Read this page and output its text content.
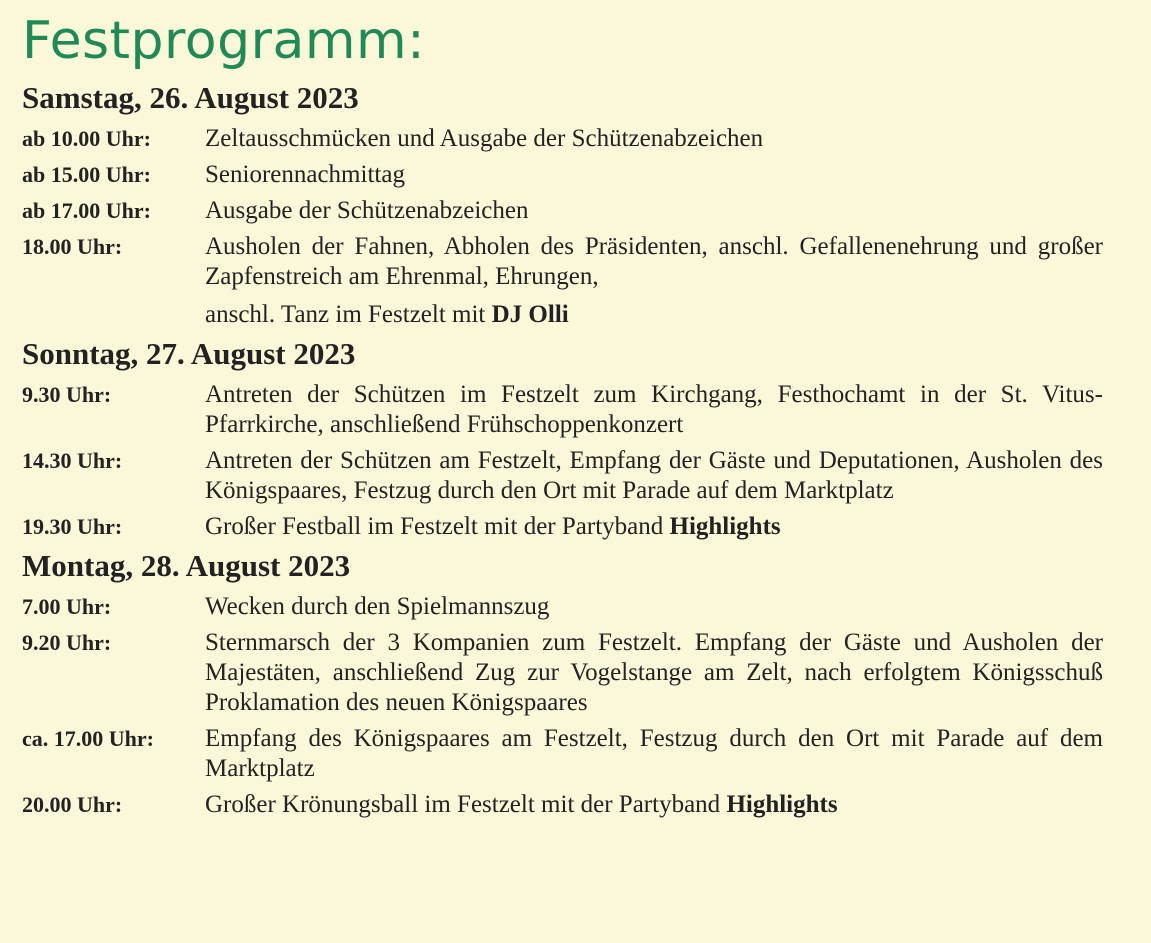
Festprogramm:
Samstag, 26. August 2023
ab 10.00 Uhr:	Zeltausschmücken und Ausgabe der Schützenabzeichen
ab 15.00 Uhr:	Seniorennachmittag
ab 17.00 Uhr:	Ausgabe der Schützenabzeichen
18.00 Uhr:	Ausholen der Fahnen, Abholen des Präsidenten, anschl. Gefallenenehrung und großer Zapfenstreich am Ehrenmal, Ehrungen,
anschl. Tanz im Festzelt mit DJ Olli
Sonntag, 27. August 2023
9.30 Uhr:	Antreten der Schützen im Festzelt zum Kirchgang, Festhochamt in der St. Vitus-Pfarrkirche, anschließend Frühschoppenkonzert
14.30 Uhr:	Antreten der Schützen am Festzelt, Empfang der Gäste und Deputationen, Ausholen des Königspaares, Festzug durch den Ort mit Parade auf dem Marktplatz
19.30 Uhr:	Großer Festball im Festzelt mit der Partyband Highlights
Montag, 28. August 2023
7.00 Uhr:	Wecken durch den Spielmannszug
9.20 Uhr:	Sternmarsch der 3 Kompanien zum Festzelt. Empfang der Gäste und Ausholen der Majestäten, anschließend Zug zur Vogelstange am Zelt, nach erfolgtem Königsschuß Proklamation des neuen Königspaares
ca. 17.00 Uhr:	Empfang des Königspaares am Festzelt, Festzug durch den Ort mit Parade auf dem Marktplatz
20.00 Uhr:	Großer Krönungsball im Festzelt mit der Partyband Highlights
